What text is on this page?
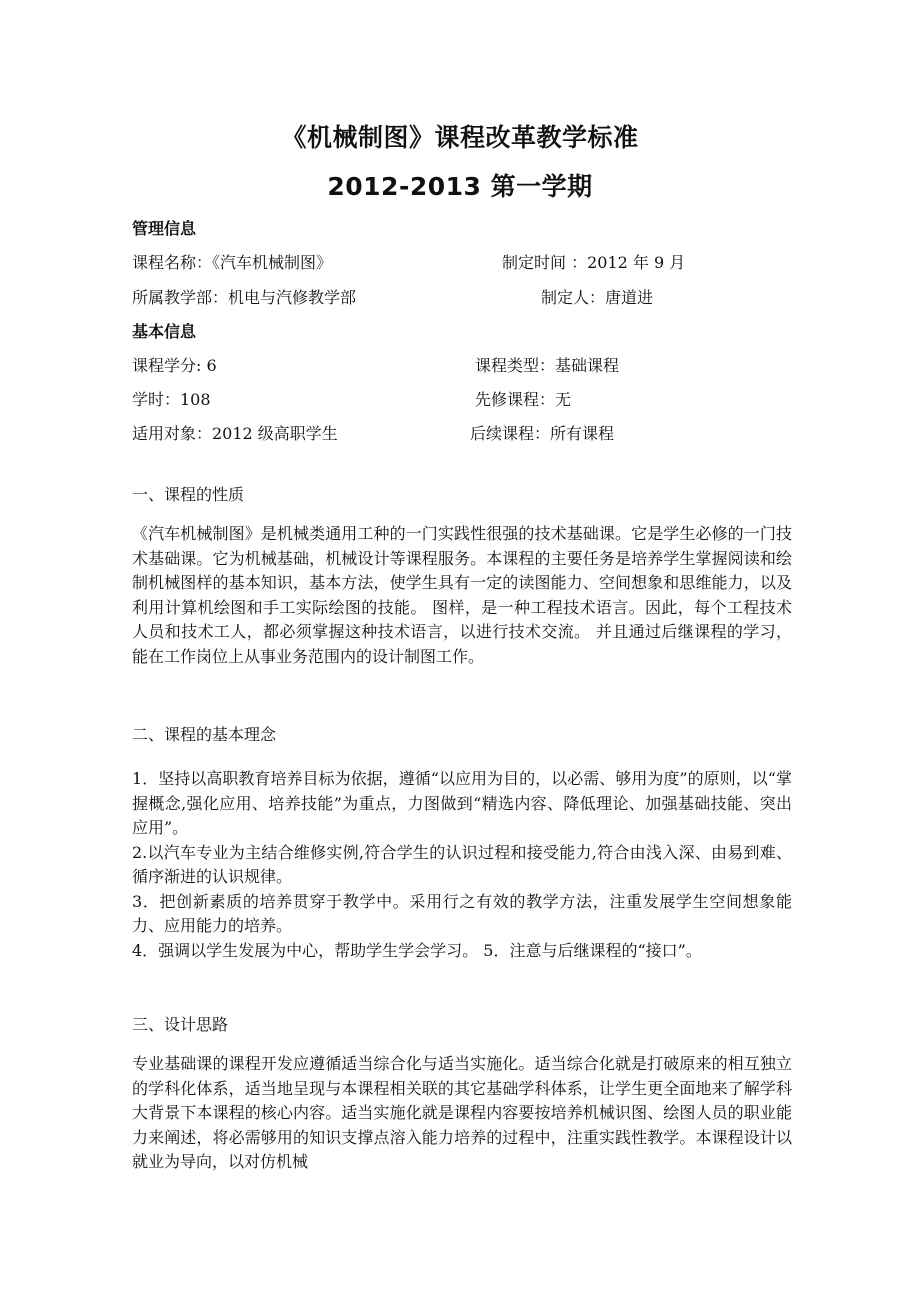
《机械制图》课程改革教学标准
2012-2013 第一学期
管理信息
课程名称：《汽车机械制图》	制定时间 ：2012 年 9 月
所属教学部：机电与汽修教学部	制定人：唐道进
基本信息
课程学分: 6	课程类型：基础课程
学时：108	先修课程：无
适用对象：2012 级高职学生	后续课程：所有课程
一、课程的性质

《汽车机械制图》是机械类通用工种的一门实践性很强的技术基础课。它是学生必修的一门技术基础课。它为机械基础，机械设计等课程服务。本课程的主要任务是培养学生掌握阅读和绘制机械图样的基本知识，基本方法，使学生具有一定的读图能力、空间想象和思维能力，以及利用计算机绘图和手工实际绘图的技能。 图样，是一种工程技术语言。因此，每个工程技术人员和技术工人，都必须掌握这种技术语言，以进行技术交流。 并且通过后继课程的学习，能在工作岗位上从事业务范围内的设计制图工作。

二、课程的基本理念

1．坚持以高职教育培养目标为依据，遵循“以应用为目的，以必需、够用为度”的原则，以“掌握概念,强化应用、培养技能”为重点，力图做到“精选内容、降低理论、加强基础技能、突出应用”。

2.以汽车专业为主结合维修实例,符合学生的认识过程和接受能力,符合由浅入深、由易到难、循序渐进的认识规律。

3．把创新素质的培养贯穿于教学中。采用行之有效的教学方法，注重发展学生空间想象能力、应用能力的培养。

4．强调以学生发展为中心，帮助学生学会学习。 5．注意与后继课程的“接口”。

三、设计思路

专业基础课的课程开发应遵循适当综合化与适当实施化。适当综合化就是打破原来的相互独立的学科化体系，适当地呈现与本课程相关联的其它基础学科体系，让学生更全面地来了解学科大背景下本课程的核心内容。适当实施化就是课程内容要按培养机械识图、绘图人员的职业能力来阐述，将必需够用的知识支撑点溶入能力培养的过程中，注重实践性教学。本课程设计以就业为导向，以对仿机械
